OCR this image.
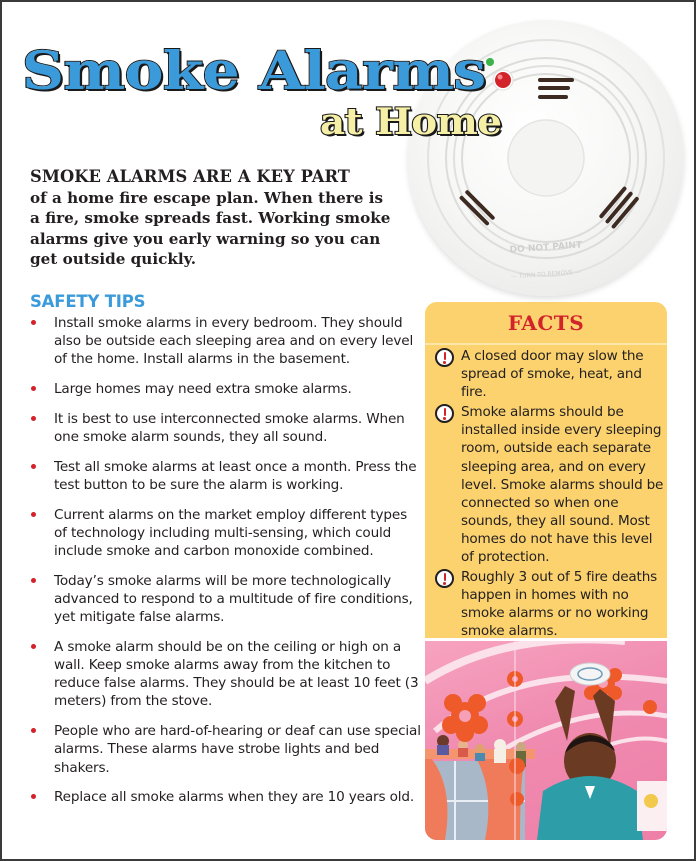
DO NOT PAINT
— TURN TO REMOVE —
Smoke Alarms
at Home
SMOKE ALARMS ARE A KEY PART
of a home fire escape plan. When there is a fire, smoke spreads fast. Working smoke alarms give you early warning so you can get outside quickly.
SAFETY TIPS
Install smoke alarms in every bedroom. They should also be outside each sleeping area and on every level of the home. Install alarms in the basement.
Large homes may need extra smoke alarms.
It is best to use interconnected smoke alarms. When one smoke alarm sounds, they all sound.
Test all smoke alarms at least once a month. Press the test button to be sure the alarm is working.
Current alarms on the market employ different types of technology including multi-sensing, which could include smoke and carbon monoxide combined.
Today’s smoke alarms will be more technologically advanced to respond to a multitude of fire conditions, yet mitigate false alarms.
A smoke alarm should be on the ceiling or high on a wall. Keep smoke alarms away from the kitchen to reduce false alarms. They should be at least 10 feet (3 meters) from the stove.
People who are hard-of-hearing or deaf can use special alarms. These alarms have strobe lights and bed shakers.
Replace all smoke alarms when they are 10 years old.
FACTS
A closed door may slow the spread of smoke, heat, and fire.
Smoke alarms should be installed inside every sleeping room, outside each separate sleeping area, and on every level. Smoke alarms should be connected so when one sounds, they all sound. Most homes do not have this level of protection.
Roughly 3 out of 5 fire deaths happen in homes with no smoke alarms or no working smoke alarms.
